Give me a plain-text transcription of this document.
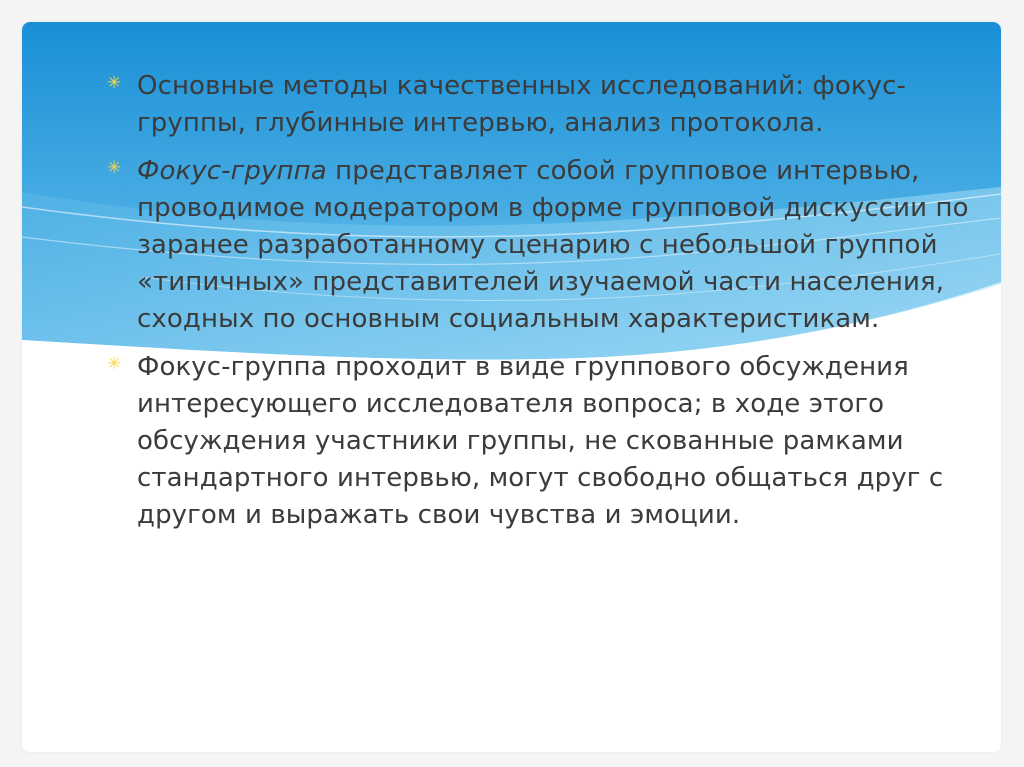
✳ Основные методы качественных исследований: фокус-группы, глубинные интервью, анализ протокола.
✳ Фокус-группа представляет собой групповое интервью, проводимое модератором в форме групповой дискуссии по заранее разработанному сценарию с небольшой группой «типичных» представителей изучаемой части населения, сходных по основным социальным характеристикам.
✳ Фокус-группа проходит в виде группового обсуждения интересующего исследователя вопроса; в ходе этого обсуждения участники группы, не скованные рамками стандартного интервью, могут свободно общаться друг с другом и выражать свои чувства и эмоции.
